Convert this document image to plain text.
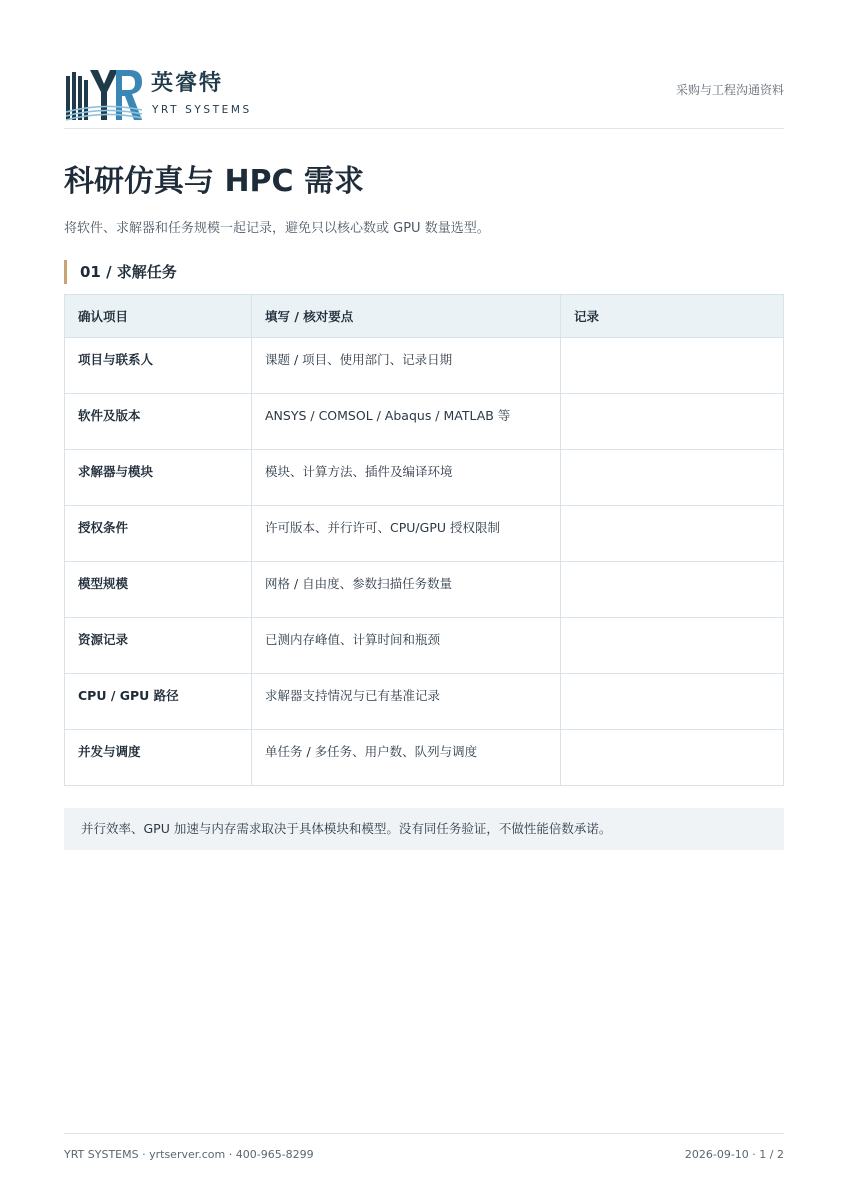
英睿特
YRT SYSTEMS
采购与工程沟通资料
科研仿真与 HPC 需求

将软件、求解器和任务规模一起记录，避免只以核心数或 GPU 数量选型。

01 / 求解任务
确认项目	填写 / 核对要点	记录
项目与联系人	课题 / 项目、使用部门、记录日期	
软件及版本	ANSYS / COMSOL / Abaqus / MATLAB 等	
求解器与模块	模块、计算方法、插件及编译环境	
授权条件	许可版本、并行许可、CPU/GPU 授权限制	
模型规模	网格 / 自由度、参数扫描任务数量	
资源记录	已测内存峰值、计算时间和瓶颈	
CPU / GPU 路径	求解器支持情况与已有基准记录	
并发与调度	单任务 / 多任务、用户数、队列与调度	
并行效率、GPU 加速与内存需求取决于具体模块和模型。没有同任务验证，不做性能倍数承诺。
YRT SYSTEMS · yrtserver.com · 400-965-8299	2026-09-10 · 1 / 2
